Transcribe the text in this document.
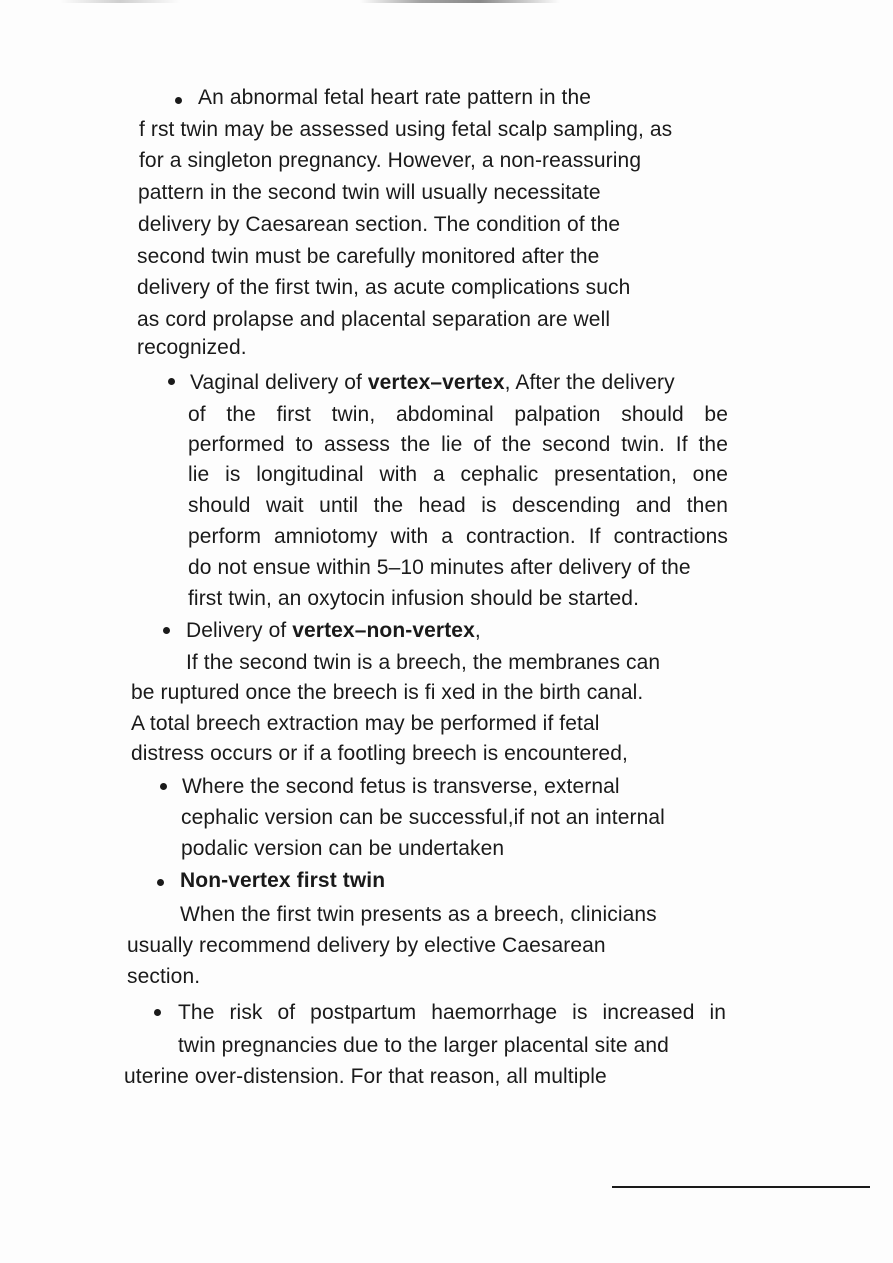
An abnormal fetal heart rate pattern in the
f rst twin may be assessed using fetal scalp sampling, as
for a singleton pregnancy. However, a non-reassuring
pattern in the second twin will usually necessitate
delivery by Caesarean section. The condition of the
second twin must be carefully monitored after the
delivery of the first twin, as acute complications such
as cord prolapse and placental separation are well
recognized.
Vaginal delivery of vertex–vertex, After the delivery
of the first twin, abdominal palpation should be
performed to assess the lie of the second twin. If the
lie is longitudinal with a cephalic presentation, one
should wait until the head is descending and then
perform amniotomy with a contraction. If contractions
do not ensue within 5–10 minutes after delivery of the
first twin, an oxytocin infusion should be started.
Delivery of vertex–non-vertex,
If the second twin is a breech, the membranes can
be ruptured once the breech is fi xed in the birth canal.
A total breech extraction may be performed if fetal
distress occurs or if a footling breech is encountered,
Where the second fetus is transverse, external
cephalic version can be successful,if not an internal
podalic version can be undertaken
Non-vertex first twin
When the first twin presents as a breech, clinicians
usually recommend delivery by elective Caesarean
section.
The risk of postpartum haemorrhage is increased in
twin pregnancies due to the larger placental site and
uterine over-distension. For that reason, all multiple
